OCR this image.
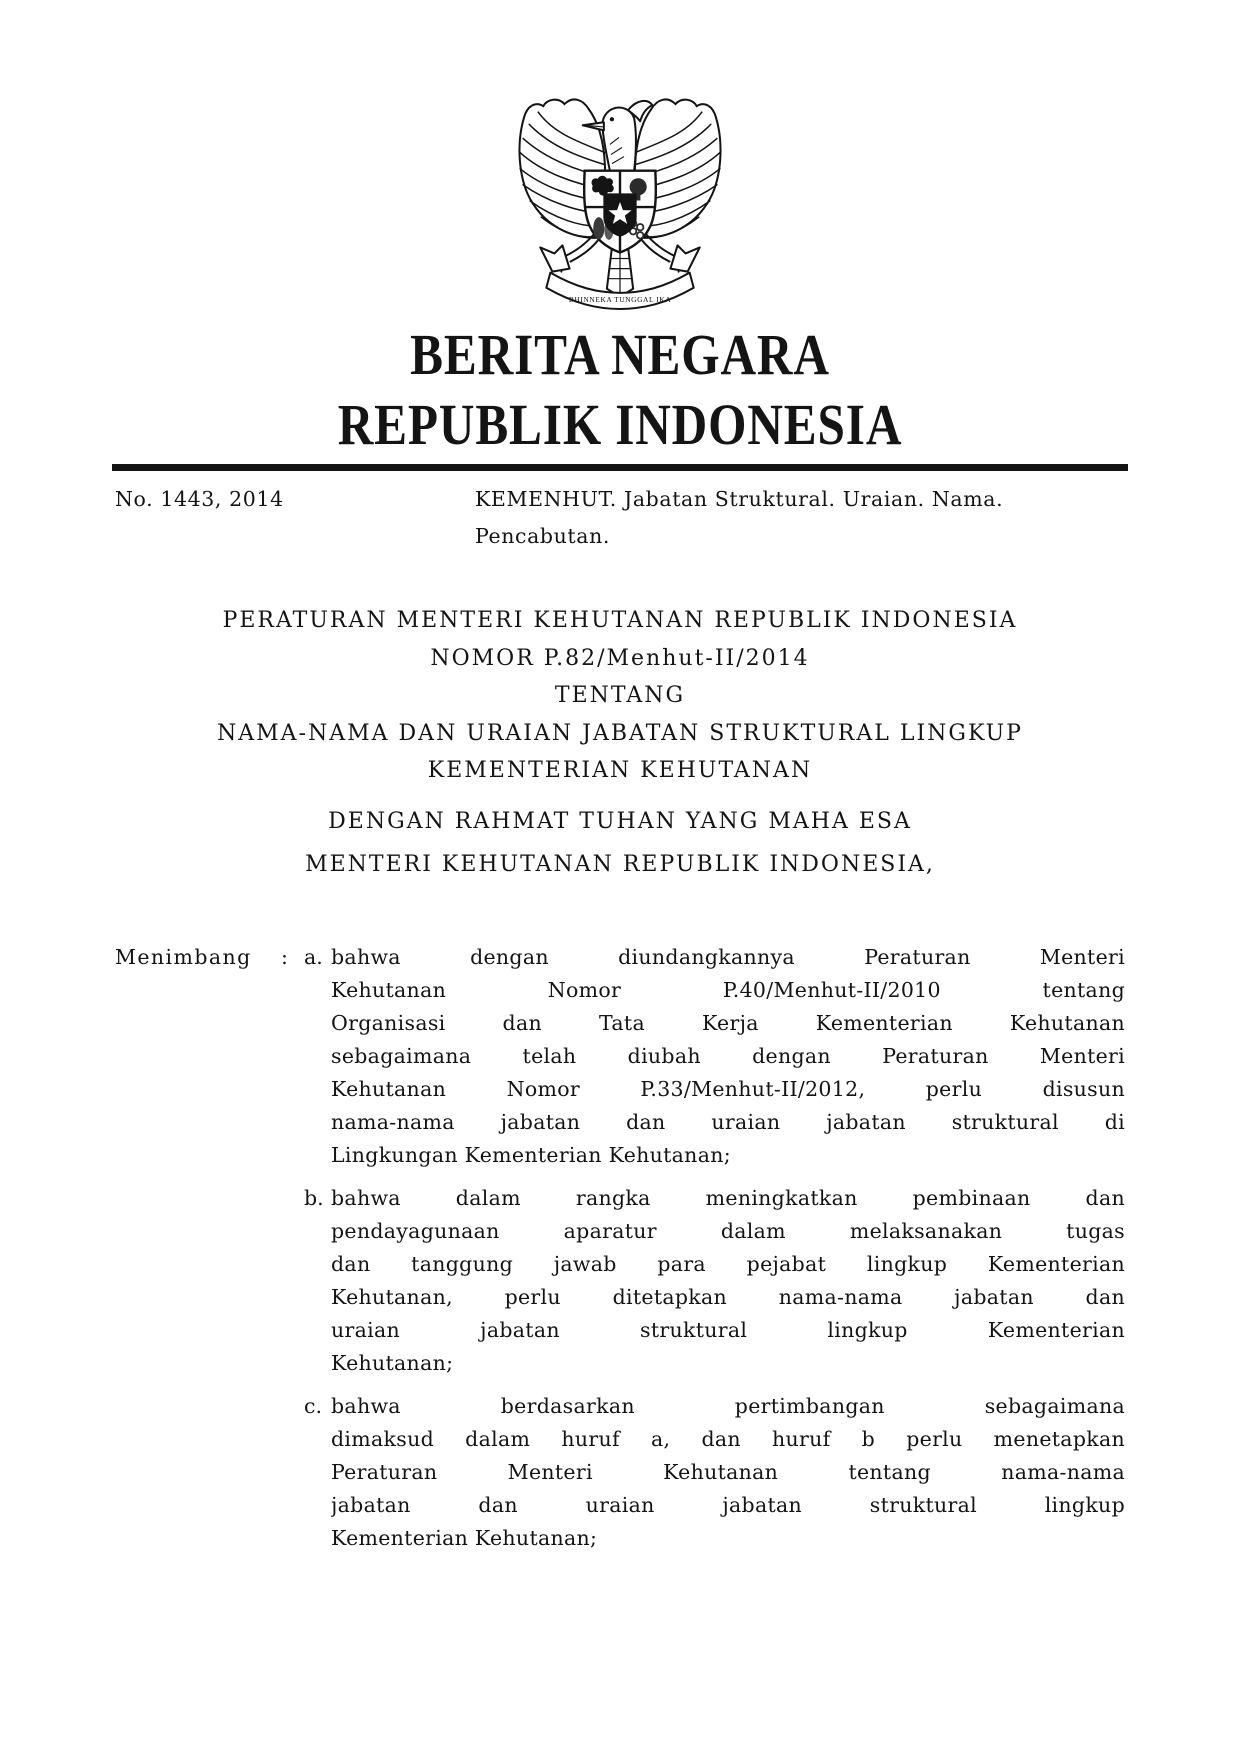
BHINNEKA TUNGGAL IKA
BERITA NEGARA
REPUBLIK INDONESIA
No. 1443, 2014	KEMENHUT. Jabatan Struktural. Uraian. Nama.
Pencabutan.
PERATURAN MENTERI KEHUTANAN REPUBLIK INDONESIA
NOMOR P.82/Menhut-II/2014
TENTANG
NAMA-NAMA DAN URAIAN JABATAN STRUKTURAL LINGKUP
KEMENTERIAN KEHUTANAN
DENGAN RAHMAT TUHAN YANG MAHA ESA
MENTERI KEHUTANAN REPUBLIK INDONESIA,
Menimbang : a. bahwa dengan diundangkannya Peraturan Menteri
Kehutanan Nomor P.40/Menhut-II/2010 tentang
Organisasi dan Tata Kerja Kementerian Kehutanan
sebagaimana telah diubah dengan Peraturan Menteri
Kehutanan Nomor P.33/Menhut-II/2012, perlu disusun
nama-nama jabatan dan uraian jabatan struktural di
Lingkungan Kementerian Kehutanan;
b. bahwa dalam rangka meningkatkan pembinaan dan
pendayagunaan aparatur dalam melaksanakan tugas
dan tanggung jawab para pejabat lingkup Kementerian
Kehutanan, perlu ditetapkan nama-nama jabatan dan
uraian jabatan struktural lingkup Kementerian
Kehutanan;
c. bahwa berdasarkan pertimbangan sebagaimana
dimaksud dalam huruf a, dan huruf b perlu menetapkan
Peraturan Menteri Kehutanan tentang nama-nama
jabatan dan uraian jabatan struktural lingkup
Kementerian Kehutanan;
